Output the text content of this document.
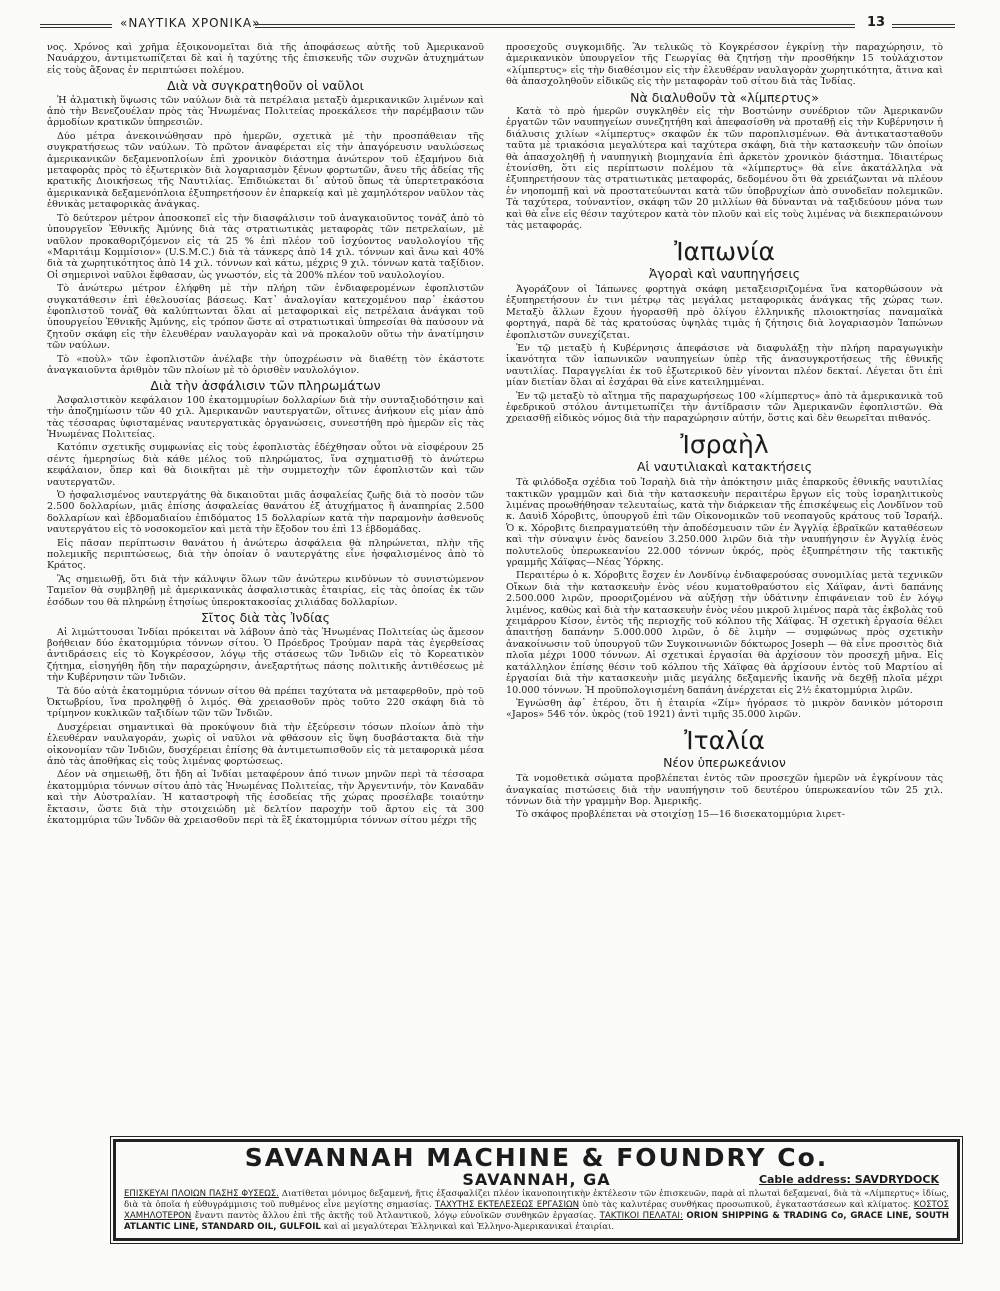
«ΝΑΥΤΙΚΑ ΧΡΟΝΙΚΑ»	13

νος. Χρόνος καὶ χρῆμα ἐξοικονομεῖται διὰ τῆς ἀποφάσεως αὐτῆς τοῦ Ἀμερικανοῦ Ναυάρχου, ἀντιμετωπίζεται δὲ καὶ ἡ ταχύτης τῆς ἐπισκευῆς τῶν συχνῶν ἀτυχημάτων εἰς τοὺς ἄξονας ἐν περιπτώσει πολέμου.

Διὰ νὰ συγκρατηθοῦν οἱ ναῦλοι

Ἡ ἀλματικὴ ὕψωσις τῶν ναύλων διὰ τὰ πετρέλαια μεταξὺ ἀμερικανικῶν λιμένων καὶ ἀπὸ τὴν Βενεζουέλαν πρὸς τὰς Ἡνωμένας Πολιτείας προεκάλεσε τὴν παρέμβασιν τῶν ἁρμοδίων κρατικῶν ὑπηρεσιῶν.

Δύο μέτρα ἀνεκοινώθησαν πρὸ ἡμερῶν, σχετικὰ μὲ τὴν προσπάθειαν τῆς συγκρατήσεως τῶν ναύλων. Τὸ πρῶτον ἀναφέρεται εἰς τὴν ἀπαγόρευσιν ναυλώσεως ἀμερικανικῶν δεξαμενοπλοίων ἐπὶ χρονικὸν διάστημα ἀνώτερον τοῦ ἐξαμήνου διὰ μεταφορὰς πρὸς τὸ ἐξωτερικὸν διὰ λογαριασμὸν ξένων φορτωτῶν, ἄνευ τῆς ἀδείας τῆς κρατικῆς Διοικήσεως τῆς Ναυτιλίας. Ἐπιδιώκεται δι᾽ αὐτοῦ ὅπως τὰ ὑπερτετρακόσια ἀμερικανικὰ δεξαμενόπλοια ἐξυπηρετήσουν ἐν ἐπαρκείᾳ καὶ μὲ χαμηλότερον ναῦλον τὰς ἐθνικὰς μεταφορικὰς ἀνάγκας.

Τὸ δεύτερον μέτρον ἀποσκοπεῖ εἰς τὴν διασφάλισιν τοῦ ἀναγκαιοῦντος τονάζ ἀπὸ τὸ ὑπουργεῖον Ἐθνικῆς Ἀμύνης διὰ τὰς στρατιωτικὰς μεταφορὰς τῶν πετρελαίων, μὲ ναῦλον προκαθοριζόμενον εἰς τὰ 25 % ἐπὶ πλέον τοῦ ἰσχύοντος ναυλολογίου τῆς «Μαριτάιμ Κομμίσιον» (U.S.M.C.) διὰ τὰ τάνκερς ἀπὸ 14 χιλ. τόννων καὶ ἄνω καὶ 40% διὰ τὰ χωρητικότητος ἀπὸ 14 χιλ. τόννων καὶ κάτω, μέχρις 9 χιλ. τόννων κατὰ ταξίδιον. Οἱ σημερινοὶ ναῦλοι ἔφθασαν, ὡς γνωστόν, εἰς τὰ 200% πλέον τοῦ ναυλολογίου.

Τὸ ἀνώτερω μέτρον ἐλήφθη μὲ τὴν πλήρη τῶν ἐνδιαφερομένων ἐφοπλιστῶν συγκατάθεσιν ἐπὶ ἐθελουσίας βάσεως. Κατ᾽ ἀναλογίαν κατεχομένου παρ᾽ ἑκάστου ἐφοπλιστοῦ τονὰζ θὰ καλύπτωνται ὅλαι αἱ μεταφορικαὶ εἰς πετρέλαια ἀνάγκαι τοῦ ὑπουργείου Ἐθνικῆς Ἀμύνης, εἰς τρόπον ὥστε αἱ στρατιωτικαὶ ὑπηρεσίαι θὰ παύσουν νὰ ζητοῦν σκάφη εἰς τὴν ἐλευθέραν ναυλαγορὰν καὶ νὰ προκαλοῦν οὕτω τὴν ἀνατίμησιν τῶν ναύλων.

Τὸ «ποὺλ» τῶν ἐφοπλιστῶν ἀνέλαβε τὴν ὑποχρέωσιν νὰ διαθέτῃ τὸν ἑκάστοτε ἀναγκαιοῦντα ἀριθμὸν τῶν πλοίων μὲ τὸ ὁρισθὲν ναυλολόγιον.

Διὰ τὴν ἀσφάλισιν τῶν πληρωμάτων

Ἀσφαλιστικὸν κεφάλαιον 100 ἑκατομμυρίων δολλαρίων διὰ τὴν συνταξιοδότησιν καὶ τὴν ἀποζημίωσιν τῶν 40 χιλ. Ἀμερικανῶν ναυτεργατῶν, οἵτινες ἀνήκουν εἰς μίαν ἀπὸ τὰς τέσσαρας ὑφισταμένας ναυτεργατικὰς ὀργανώσεις, συνεστήθη πρὸ ἡμερῶν εἰς τὰς Ἡνωμένας Πολιτείας.

Κατόπιν σχετικῆς συμφωνίας εἰς τοὺς ἐφοπλιστὰς ἐδέχθησαν οὗτοι νὰ εἰσφέρουν 25 σέντς ἡμερησίως διὰ κάθε μέλος τοῦ πληρώματος, ἵνα σχηματισθῇ τὸ ἀνώτερω κεφάλαιον, ὅπερ καὶ θὰ διοικῆται μὲ τὴν συμμετοχὴν τῶν ἐφοπλιστῶν καὶ τῶν ναυτεργατῶν.

Ὁ ἠσφαλισμένος ναυτεργάτης θὰ δικαιοῦται μιᾶς ἀσφαλείας ζωῆς διὰ τὸ ποσὸν τῶν 2.500 δολλαρίων, μιᾶς ἐπίσης ἀσφαλείας θανάτου ἐξ ἀτυχήματος ἢ ἀναπηρίας 2.500 δολλαρίων καὶ ἑβδομαδιαίου ἐπιδόματος 15 δολλαρίων κατὰ τὴν παραμονὴν ἀσθενοῦς ναυτεργάτου εἰς τὸ νοσοκομεῖον καὶ μετὰ τὴν ἔξοδον του ἐπὶ 13 ἑβδομάδας.

Εἰς πᾶσαν περίπτωσιν θανάτου ἡ ἀνώτερω ἀσφάλεια θὰ πληρώνεται, πλὴν τῆς πολεμικῆς περιπτώσεως, διὰ τὴν ὁποίαν ὁ ναυτεργάτης εἶνε ἠσφαλισμένος ἀπὸ τὸ Κράτος.

Ἂς σημειωθῇ, ὅτι διὰ τὴν κάλυψιν ὅλων τῶν ἀνώτερω κινδύνων τὸ συνιστώμενον Ταμεῖον θὰ συμβληθῇ μὲ ἀμερικανικὰς ἀσφαλιστικὰς ἑταιρίας, εἰς τὰς ὁποίας ἐκ τῶν ἐσόδων του θὰ πληρώνῃ ἐτησίως ὑπεροκτακοσίας χιλιάδας δολλαρίων.

Σῖτος διὰ τὰς Ἰνδίας

Αἱ λιμώττουσαι Ἰνδίαι πρόκειται νὰ λάβουν ἀπὸ τὰς Ἡνωμένας Πολιτείας ὡς ἄμεσον βοήθειαν δύο ἑκατομμύρια τόννων σίτου. Ὁ Πρόεδρος Τρούμαν παρὰ τὰς ἐγερθείσας ἀντιδράσεις εἰς τὸ Κογκρέσσον, λόγῳ τῆς στάσεως τῶν Ἰνδιῶν εἰς τὸ Κορεατικὸν ζήτημα, εἰσηγήθη ἤδη τὴν παραχώρησιν, ἀνεξαρτήτως πάσης πολιτικῆς ἀντιθέσεως μὲ τὴν Κυβέρνησιν τῶν Ἰνδιῶν.

Τὰ δύο αὐτὰ ἑκατομμύρια τόννων σίτου θὰ πρέπει ταχύτατα νὰ μεταφερθοῦν, πρὸ τοῦ Ὀκτωβρίου, ἵνα προληφθῇ ὁ λιμός. Θὰ χρειασθοῦν πρὸς τοῦτο 220 σκάφη διὰ τὸ τρίμηνον κυκλικῶν ταξιδίων τῶν τῶν Ἰνδιῶν.

Δυσχέρειαι σημαντικαὶ θὰ προκύψουν διὰ τὴν ἐξεύρεσιν τόσων πλοίων ἀπὸ τὴν ἐλευθέραν ναυλαγοράν, χωρὶς οἱ ναῦλοι νὰ φθάσουν εἰς ὕψη δυσβάστακτα διὰ τὴν οἰκονομίαν τῶν Ἰνδιῶν, δυσχέρειαι ἐπίσης θὰ ἀντιμετωπισθοῦν εἰς τὰ μεταφορικὰ μέσα ἀπὸ τὰς ἀποθήκας εἰς τοὺς λιμένας φορτώσεως.

Δέον νὰ σημειωθῇ, ὅτι ἤδη αἱ Ἰνδίαι μεταφέρουν ἀπό τινων μηνῶν περὶ τὰ τέσσαρα ἑκατομμύρια τόννων σίτου ἀπὸ τὰς Ἡνωμένας Πολιτείας, τὴν Ἀργεντινήν, τὸν Καναδᾶν καὶ τὴν Αὐστραλίαν. Ἡ καταστροφὴ τῆς ἐσοδείας τῆς χώρας προσέλαβε τοιαύτην ἔκτασιν, ὥστε διὰ τὴν στοιχειώδη μὲ δελτίον παροχὴν τοῦ ἄρτου εἰς τὰ 300 ἑκατομμύρια τῶν Ἰνδῶν θὰ χρειασθοῦν περὶ τὰ ἓξ ἑκατομμύρια τόννων σίτου μέχρι τῆς

προσεχοῦς συγκομιδῆς. Ἂν τελικῶς τὸ Κογκρέσσον ἐγκρίνῃ τὴν παραχώρησιν, τὸ ἀμερικανικὸν ὑπουργεῖον τῆς Γεωργίας θὰ ζητήσῃ τὴν προσθήκην 15 τοὐλάχιστον «λίμπερτυς» εἰς τὴν διαθέσιμον εἰς τὴν ἐλευθέραν ναυλαγορὰν χωρητικότητα, ἅτινα καὶ θὰ ἀπασχοληθοῦν εἰδικῶς εἰς τὴν μεταφορὰν τοῦ σίτου διὰ τὰς Ἰνδίας.

Νὰ διαλυθοῦν τὰ «λίμπερτυς»

Κατὰ τὸ πρὸ ἡμερῶν συγκληθὲν εἰς τὴν Βοστώνην συνέδριον τῶν Ἀμερικανῶν ἐργατῶν τῶν ναυπηγείων συνεζητήθη καὶ ἀπεφασίσθη νὰ προταθῇ εἰς τὴν Κυβέρνησιν ἡ διάλυσις χιλίων «λίμπερτυς» σκαφῶν ἐκ τῶν παροπλισμένων. Θὰ ἀντικατασταθοῦν ταῦτα μὲ τριακόσια μεγαλύτερα καὶ ταχύτερα σκάφη, διὰ τὴν κατασκευὴν τῶν ὁποίων θὰ ἀπασχοληθῇ ἡ ναυπηγικὴ βιομηχανία ἐπὶ ἀρκετὸν χρονικὸν διάστημα. Ἰδιαιτέρως ἐτονίσθη, ὅτι εἰς περίπτωσιν πολέμου τὰ «λίμπερτυς» θὰ εἶνε ἀκατάλληλα νὰ ἐξυπηρετήσουν τὰς στρατιωτικὰς μεταφοράς, δεδομένου ὅτι θὰ χρειάζωνται νὰ πλέουν ἐν νηοπομπῇ καὶ νὰ προστατεύωνται κατὰ τῶν ὑποβρυχίων ἀπὸ συνοδεῖαν πολεμικῶν. Τὰ ταχύτερα, τοὐναντίον, σκάφη τῶν 20 μιλλίων θὰ δύνανται νὰ ταξιδεύουν μόνα των καὶ θὰ εἶνε εἰς θέσιν ταχύτερον κατὰ τὸν πλοῦν καὶ εἰς τοὺς λιμένας νὰ διεκπεραιώνουν τὰς μεταφοράς.

Ἰαπωνία
Ἀγοραὶ καὶ ναυπηγήσεις

Ἀγοράζουν οἱ Ἰάπωνες φορτηγὰ σκάφη μεταξεισριζομένα ἵνα κατορθώσουν νὰ ἐξυπηρετήσουν ἐν τινι μέτρῳ τὰς μεγάλας μεταφορικὰς ἀνάγκας τῆς χώρας των. Μεταξὺ ἄλλων ἔχουν ἠγορασθῆ πρὸ ὀλίγου ἑλληνικῆς πλοιοκτησίας παναμαϊκὰ φορτηγά, παρὰ δὲ τὰς κρατούσας ὑψηλὰς τιμὰς ἡ ζήτησις διὰ λογαριασμὸν Ἰαπώνων ἐφοπλιστῶν συνεχίζεται.

Ἐν τῷ μεταξὺ ἡ Κυβέρνησις ἀπεφάσισε νὰ διαφυλάξῃ τὴν πλήρη παραγωγικὴν ἱκανότητα τῶν ἰαπωνικῶν ναυπηγείων ὑπὲρ τῆς ἀνασυγκροτήσεως τῆς ἐθνικῆς ναυτιλίας. Παραγγελίαι ἐκ τοῦ ἐξωτερικοῦ δὲν γίνονται πλέον δεκταί. Λέγεται ὅτι ἐπὶ μίαν διετίαν ὅλαι αἱ ἐσχάραι θὰ εἶνε κατειλημμέναι.

Ἐν τῷ μεταξὺ τὸ αἴτημα τῆς παραχωρήσεως 100 «λίμπερτυς» ἀπὸ τὰ ἀμερικανικὰ τοῦ ἐφεδρικοῦ στόλου ἀντιμετωπίζει τὴν ἀντίδρασιν τῶν Ἀμερικανῶν ἐφοπλιστῶν. Θὰ χρειασθῇ εἰδικὸς νόμος διὰ τὴν παραχώρησιν αὐτήν, ὅστις καὶ δὲν θεωρεῖται πιθανός.

Ἰσραὴλ
Αἱ ναυτιλιακαὶ κατακτήσεις

Τὰ φιλόδοξα σχέδια τοῦ Ἰσραὴλ διὰ τὴν ἀπόκτησιν μιᾶς ἐπαρκοῦς ἐθνικῆς ναυτιλίας τακτικῶν γραμμῶν καὶ διὰ τὴν κατασκευὴν περαιτέρω ἔργων εἰς τοὺς ἰσραηλιτικοὺς λιμένας προωθήθησαν τελευταίως, κατὰ τὴν διάρκειαν τῆς ἐπισκέψεως εἰς Λονδῖνον τοῦ κ. Δαυὶδ Χόροβιτς, ὑπουργοῦ ἐπὶ τῶν Οἰκονομικῶν τοῦ νεοπαγοῦς κράτους τοῦ Ἰσραήλ. Ὁ κ. Χόροβιτς διεπραγματεύθη τὴν ἀποδέσμευσιν τῶν ἐν Ἀγγλίᾳ ἑβραϊκῶν καταθέσεων καὶ τὴν σύναψιν ἑνὸς δανείου 3.250.000 λιρῶν διὰ τὴν ναυπήγησιν ἐν Ἀγγλίᾳ ἑνὸς πολυτελοῦς ὑπερωκεανίου 22.000 τόννων ὑκρός, πρὸς ἐξυπηρέτησιν τῆς τακτικῆς γραμμῆς Χάϊφας—Νέας Ὑόρκης.

Περαιτέρω ὁ κ. Χόροβιτς ἔσχεν ἐν Λονδίνῳ ἐνδιαφερούσας συνομιλίας μετὰ τεχνικῶν Οἴκων διὰ τὴν κατασκευὴν ἑνὸς νέου κυματοθραύστου εἰς Χάϊφαν, ἀντὶ δαπάνης 2.500.000 λιρῶν, προοριζομένου νὰ αὐξήσῃ τὴν ὑδάτινην ἐπιφάνειαν τοῦ ἐν λόγῳ λιμένος, καθὼς καὶ διὰ τὴν κατασκευὴν ἑνὸς νέου μικροῦ λιμένος παρὰ τὰς ἐκβολὰς τοῦ χειμάρρου Κίσον, ἐντὸς τῆς περιοχῆς τοῦ κόλπου τῆς Χάϊφας. Ἡ σχετικὴ ἐργασία θέλει ἀπαιτήσῃ δαπάνην 5.000.000 λιρῶν, ὁ δὲ λιμὴν — συμφώνως πρὸς σχετικὴν ἀνακοίνωσιν τοῦ ὑπουργοῦ τῶν Συγκοινωνιῶν δόκτωρος Joseph — θὰ εἶνε προσιτὸς διὰ πλοῖα μέχρι 1000 τόννων. Αἱ σχετικαὶ ἐργασίαι θὰ ἀρχίσουν τὸν προσεχῆ μῆνα. Εἰς κατάλληλον ἐπίσης θέσιν τοῦ κόλπου τῆς Χάϊφας θὰ ἀρχίσουν ἐντὸς τοῦ Μαρτίου αἱ ἐργασίαι διὰ τὴν κατασκευὴν μιᾶς μεγάλης δεξαμενῆς ἱκανῆς νὰ δεχθῇ πλοῖα μέχρι 10.000 τόννων. Ἡ προϋπολογισμένη δαπάνη ἀνέρχεται εἰς 2½ ἑκατομμύρια λιρῶν.

Ἐγνώσθη ἀφ᾽ ἑτέρου, ὅτι ἡ ἑταιρία «Ζίμ» ἠγόρασε τὸ μικρὸν δανικὸν μότορσιπ «Japos» 546 τόν. ὑκρὸς (τοῦ 1921) ἀντὶ τιμῆς 35.000 λιρῶν.

Ἰταλία
Νέον ὑπερωκεάνιον

Τὰ νομοθετικὰ σώματα προβλέπεται ἐντὸς τῶν προσεχῶν ἡμερῶν νὰ ἐγκρίνουν τὰς ἀναγκαίας πιστώσεις διὰ τὴν ναυπήγησιν τοῦ δευτέρου ὑπερωκεανίου τῶν 25 χιλ. τόννων διὰ τὴν γραμμὴν Βορ. Ἀμερικῆς.

Τὸ σκάφος προβλέπεται νὰ στοιχίσῃ 15—16 δισεκατομμύρια λιρετ-

SAVANNAH MACHINE & FOUNDRY Co.
SAVANNAH, GA	Cable address: SAVDRYDOCK
ΕΠΙΣΚΕΥΑΙ ΠΛΟΙΩΝ ΠΑΣΗΣ ΦΥΣΕΩΣ. Διατίθεται μόνιμος δεξαμενή, ἥτις ἐξασφαλίζει πλέον ἱκανοποιητικὴν ἐκτέλεσιν τῶν ἐπισκευῶν, παρὰ αἱ πλωταὶ δεξαμεναί, διὰ τὰ «Λίμπερτυς» ἰδίως, διὰ τὰ ὁποῖα ἡ εὐθυγράμμισις τοῦ πυθμένος εἶνε μεγίστης σημασίας. ΤΑΧΥΤΗΣ ΕΚΤΕΛΕΣΕΩΣ ΕΡΓΑΣΙΩΝ ὑπὸ τὰς καλυτέρας συνθήκας προσωπικοῦ, ἐγκαταστάσεων καὶ κλίματος. ΚΟΣΤΟΣ ΧΑΜΗΛΟΤΕΡΟΝ ἔναντι παντὸς ἄλλου ἐπὶ τῆς ἀκτῆς τοῦ Ἀτλαντικοῦ, λόγῳ εὐνοϊκῶν συνθηκῶν ἐργασίας. ΤΑΚΤΙΚΟΙ ΠΕΛΑΤΑΙ: ORION SHIPPING & TRADING Co, GRACE LINE, SOUTH ATLANTIC LINE, STANDARD OIL, GULFOIL καὶ αἱ μεγαλύτεραι Ἑλληνικαὶ καὶ Ἑλληνο-Ἀμερικανικαὶ ἑταιρίαι.
